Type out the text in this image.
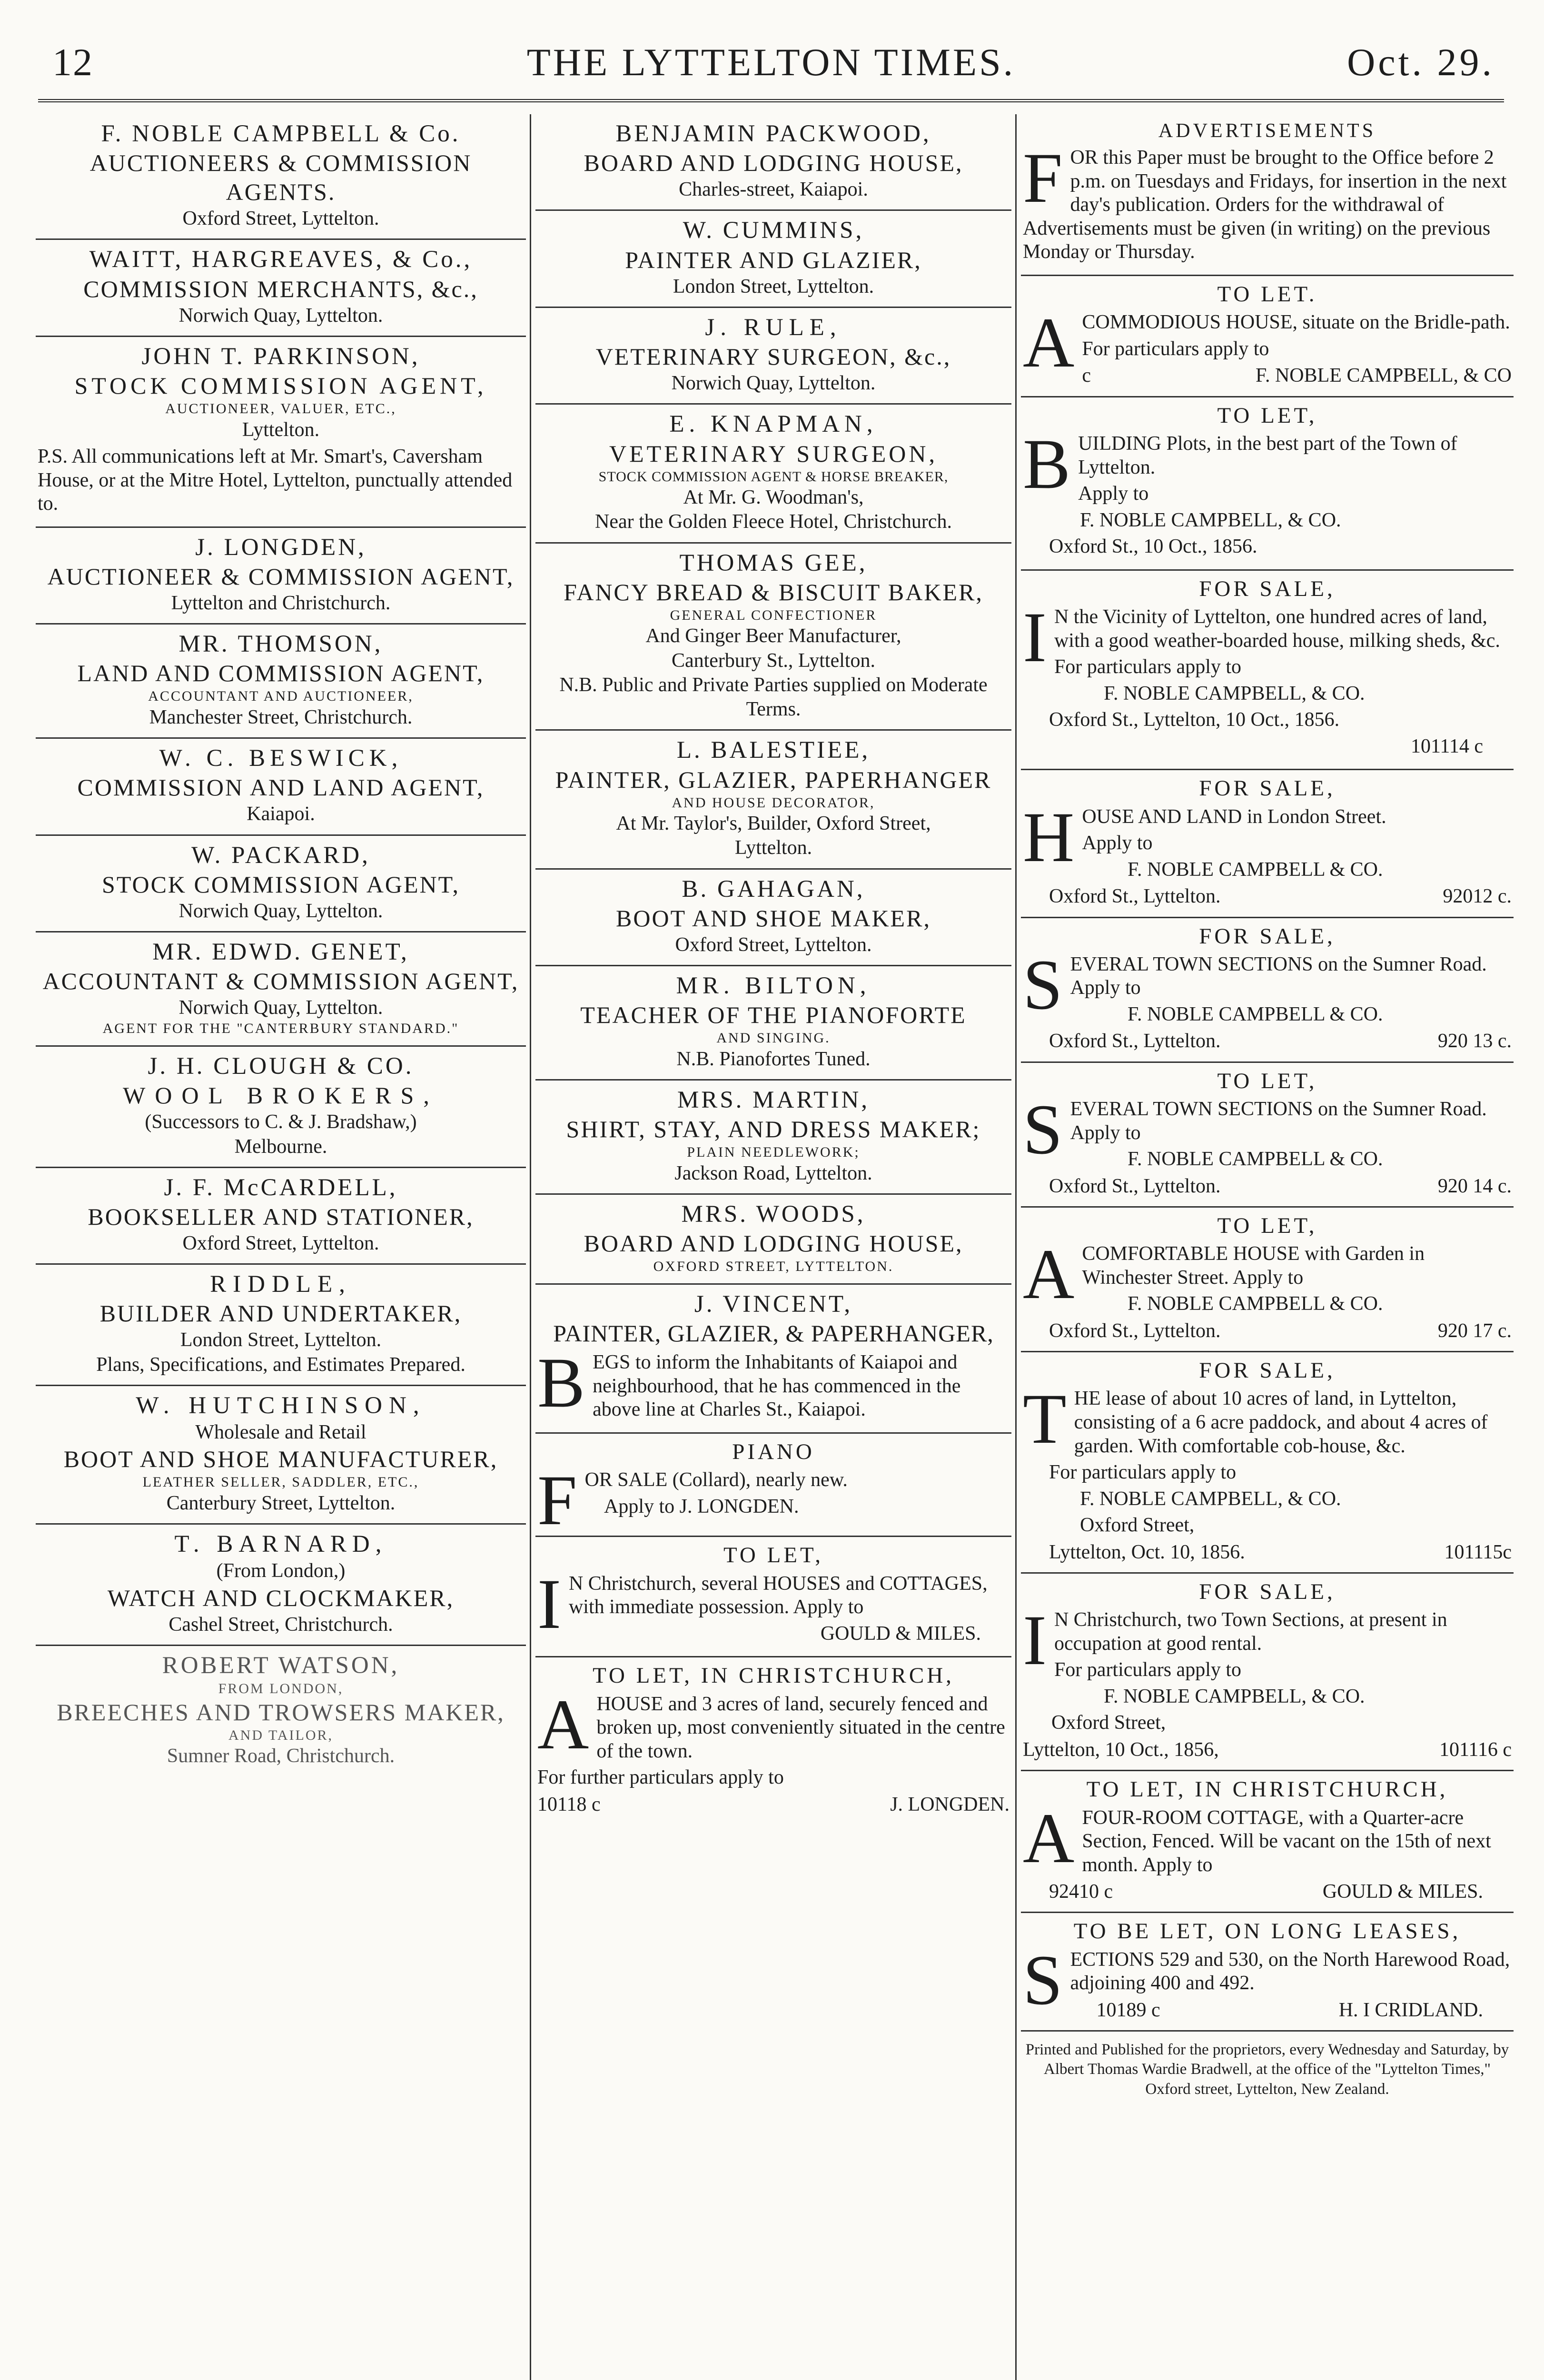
12	THE LYTTELTON TIMES.	Oct. 29.
F. NOBLE CAMPBELL & Co.
AUCTIONEERS & COMMISSION AGENTS.
Oxford Street, Lyttelton.
WAITT, HARGREAVES, & Co.,
COMMISSION MERCHANTS, &c.,
Norwich Quay, Lyttelton.
JOHN T. PARKINSON,
STOCK COMMISSION AGENT,
AUCTIONEER, VALUER, ETC.,
Lyttelton.

P.S. All communications left at Mr. Smart's, Caversham House, or at the Mitre Hotel, Lyttelton, punctually attended to.

J. LONGDEN,
AUCTIONEER & COMMISSION AGENT,
Lyttelton and Christchurch.
MR. THOMSON,
LAND AND COMMISSION AGENT,
ACCOUNTANT AND AUCTIONEER,
Manchester Street, Christchurch.
W. C. BESWICK,
COMMISSION AND LAND AGENT,
Kaiapoi.
W. PACKARD,
STOCK COMMISSION AGENT,
Norwich Quay, Lyttelton.
MR. EDWD. GENET,
ACCOUNTANT & COMMISSION AGENT,
Norwich Quay, Lyttelton.
AGENT FOR THE "CANTERBURY STANDARD."
J. H. CLOUGH & CO.
WOOL BROKERS,
(Successors to C. & J. Bradshaw,)
Melbourne.
J. F. McCARDELL,
BOOKSELLER AND STATIONER,
Oxford Street, Lyttelton.
RIDDLE,
BUILDER AND UNDERTAKER,
London Street, Lyttelton.
Plans, Specifications, and Estimates Prepared.
W. HUTCHINSON,
Wholesale and Retail
BOOT AND SHOE MANUFACTURER,
LEATHER SELLER, SADDLER, ETC.,
Canterbury Street, Lyttelton.
T. BARNARD,
(From London,)
WATCH AND CLOCKMAKER,
Cashel Street, Christchurch.
ROBERT WATSON,
FROM LONDON,
BREECHES AND TROWSERS MAKER,
AND TAILOR,
Sumner Road, Christchurch.
BENJAMIN PACKWOOD,
BOARD AND LODGING HOUSE,
Charles-street, Kaiapoi.
W. CUMMINS,
PAINTER AND GLAZIER,
London Street, Lyttelton.
J. RULE,
VETERINARY SURGEON, &c.,
Norwich Quay, Lyttelton.
E. KNAPMAN,
VETERINARY SURGEON,
STOCK COMMISSION AGENT & HORSE BREAKER,
At Mr. G. Woodman's,
Near the Golden Fleece Hotel, Christchurch.
THOMAS GEE,
FANCY BREAD & BISCUIT BAKER,
GENERAL CONFECTIONER
And Ginger Beer Manufacturer,
Canterbury St., Lyttelton.
N.B. Public and Private Parties supplied on Moderate Terms.
L. BALESTIEE,
PAINTER, GLAZIER, PAPERHANGER
AND HOUSE DECORATOR,
At Mr. Taylor's, Builder, Oxford Street,
Lyttelton.
B. GAHAGAN,
BOOT AND SHOE MAKER,
Oxford Street, Lyttelton.
MR. BILTON,
TEACHER OF THE PIANOFORTE
AND SINGING.
N.B. Pianofortes Tuned.
MRS. MARTIN,
SHIRT, STAY, AND DRESS MAKER;
PLAIN NEEDLEWORK;
Jackson Road, Lyttelton.
MRS. WOODS,
BOARD AND LODGING HOUSE,
OXFORD STREET, LYTTELTON.
J. VINCENT,
PAINTER, GLAZIER, & PAPERHANGER,

BEGS to inform the Inhabitants of Kaiapoi and neighbourhood, that he has commenced in the above line at Charles St., Kaiapoi.

PIANO

FOR SALE (Collard), nearly new.

Apply to J. LONGDEN.

TO LET,

I N Christchurch, several HOUSES and COTTAGES, with immediate possession. Apply to

GOULD & MILES.

TO LET, IN CHRISTCHURCH,

AHOUSE and 3 acres of land, securely fenced and broken up, most conveniently situated in the centre of the town.

For further particulars apply to

10118 c	J. LONGDEN.
ADVERTISEMENTS

FOR this Paper must be brought to the Office before 2 p.m. on Tuesdays and Fridays, for insertion in the next day's publication. Orders for the withdrawal of Advertisements must be given (in writing) on the previous Monday or Thursday.

TO LET.

ACOMMODIOUS HOUSE, situate on the Bridle-path.

For particulars apply to

c	F. NOBLE CAMPBELL, & CO
TO LET,

BUILDING Plots, in the best part of the Town of Lyttelton.

Apply to

F. NOBLE CAMPBELL, & CO.

Oxford St., 10 Oct., 1856.

FOR SALE,

I N the Vicinity of Lyttelton, one hundred acres of land, with a good weather-boarded house, milking sheds, &c.

For particulars apply to

F. NOBLE CAMPBELL, & CO.

Oxford St., Lyttelton, 10 Oct., 1856.

101114 c

FOR SALE,

HOUSE AND LAND in London Street.

Apply to

F. NOBLE CAMPBELL & CO.

Oxford St., Lyttelton.	92012 c.
FOR SALE,

SEVERAL TOWN SECTIONS on the Sumner Road. Apply to

F. NOBLE CAMPBELL & CO.

Oxford St., Lyttelton.	920 13 c.
TO LET,

SEVERAL TOWN SECTIONS on the Sumner Road. Apply to

F. NOBLE CAMPBELL & CO.

Oxford St., Lyttelton.	920 14 c.
TO LET,

ACOMFORTABLE HOUSE with Garden in Winchester Street. Apply to

F. NOBLE CAMPBELL & CO.

Oxford St., Lyttelton.	920 17 c.
FOR SALE,

THE lease of about 10 acres of land, in Lyttelton, consisting of a 6 acre paddock, and about 4 acres of garden. With comfortable cob-house, &c.

For particulars apply to

F. NOBLE CAMPBELL, & CO.

Oxford Street,

Lyttelton, Oct. 10, 1856.	101115c
FOR SALE,

I N Christchurch, two Town Sections, at present in occupation at good rental.

For particulars apply to

F. NOBLE CAMPBELL, & CO.

Oxford Street,

Lyttelton, 10 Oct., 1856,	101116 c
TO LET, IN CHRISTCHURCH,

AFOUR-ROOM COTTAGE, with a Quarter-acre Section, Fenced. Will be vacant on the 15th of next month. Apply to

92410 c	GOULD & MILES.
TO BE LET, ON LONG LEASES,

SECTIONS 529 and 530, on the North Harewood Road, adjoining 400 and 492.

10189 c	H. I CRIDLAND.
Printed and Published for the proprietors, every Wednesday and Saturday, by Albert Thomas Wardie Bradwell, at the office of the "Lyttelton Times," Oxford street, Lyttelton, New Zealand.
